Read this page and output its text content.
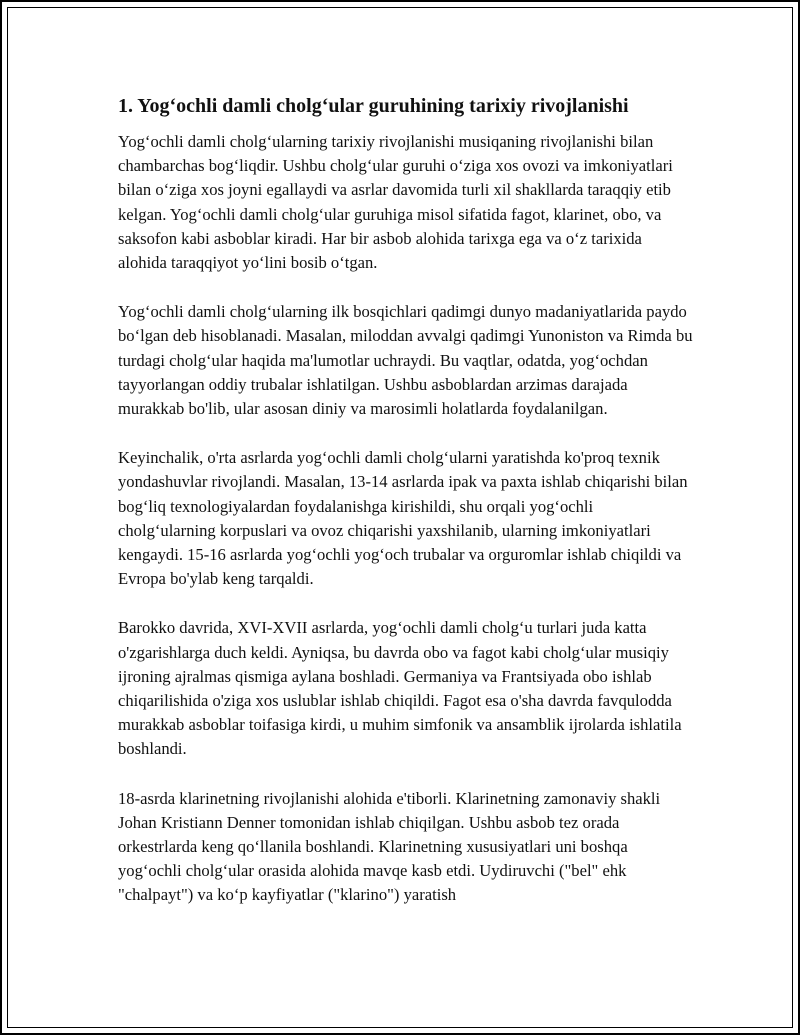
1. Yog‘ochli damli cholg‘ular guruhining tarixiy rivojlanishi

Yog‘ochli damli cholg‘ularning tarixiy rivojlanishi musiqaning rivojlanishi bilan chambarchas bog‘liqdir. Ushbu cholg‘ular guruhi o‘ziga xos ovozi va imkoniyatlari bilan o‘ziga xos joyni egallaydi va asrlar davomida turli xil shakllarda taraqqiy etib kelgan. Yog‘ochli damli cholg‘ular guruhiga misol sifatida fagot, klarinet, obo, va saksofon kabi asboblar kiradi. Har bir asbob alohida tarixga ega va o‘z tarixida alohida taraqqiyot yo‘lini bosib o‘tgan.

Yog‘ochli damli cholg‘ularning ilk bosqichlari qadimgi dunyo madaniyatlarida paydo bo‘lgan deb hisoblanadi. Masalan, miloddan avvalgi qadimgi Yunoniston va Rimda bu turdagi cholg‘ular haqida ma'lumotlar uchraydi. Bu vaqtlar, odatda, yog‘ochdan tayyorlangan oddiy trubalar ishlatilgan. Ushbu asboblardan arzimas darajada murakkab bo'lib, ular asosan diniy va marosimli holatlarda foydalanilgan.

Keyinchalik, o'rta asrlarda yog‘ochli damli cholg‘ularni yaratishda ko'proq texnik yondashuvlar rivojlandi. Masalan, 13-14 asrlarda ipak va paxta ishlab chiqarishi bilan bog‘liq texnologiyalardan foydalanishga kirishildi, shu orqali yog‘ochli cholg‘ularning korpuslari va ovoz chiqarishi yaxshilanib, ularning imkoniyatlari kengaydi. 15-16 asrlarda yog‘ochli yog‘och trubalar va orguromlar ishlab chiqildi va Evropa bo'ylab keng tarqaldi.

Barokko davrida, XVI-XVII asrlarda, yog‘ochli damli cholg‘u turlari juda katta o'zgarishlarga duch keldi. Ayniqsa, bu davrda obo va fagot kabi cholg‘ular musiqiy ijroning ajralmas qismiga aylana boshladi. Germaniya va Frantsiyada obo ishlab chiqarilishida o'ziga xos uslublar ishlab chiqildi. Fagot esa o'sha davrda favqulodda murakkab asboblar toifasiga kirdi, u muhim simfonik va ansamblik ijrolarda ishlatila boshlandi.

18-asrda klarinetning rivojlanishi alohida e'tiborli. Klarinetning zamonaviy shakli Johan Kristiann Denner tomonidan ishlab chiqilgan. Ushbu asbob tez orada orkestrlarda keng qo‘llanila boshlandi. Klarinetning xususiyatlari uni boshqa yog‘ochli cholg‘ular orasida alohida mavqe kasb etdi. Uydiruvchi ("bel" ehk "chalpayt") va ko‘p kayfiyatlar ("klarino") yaratish
